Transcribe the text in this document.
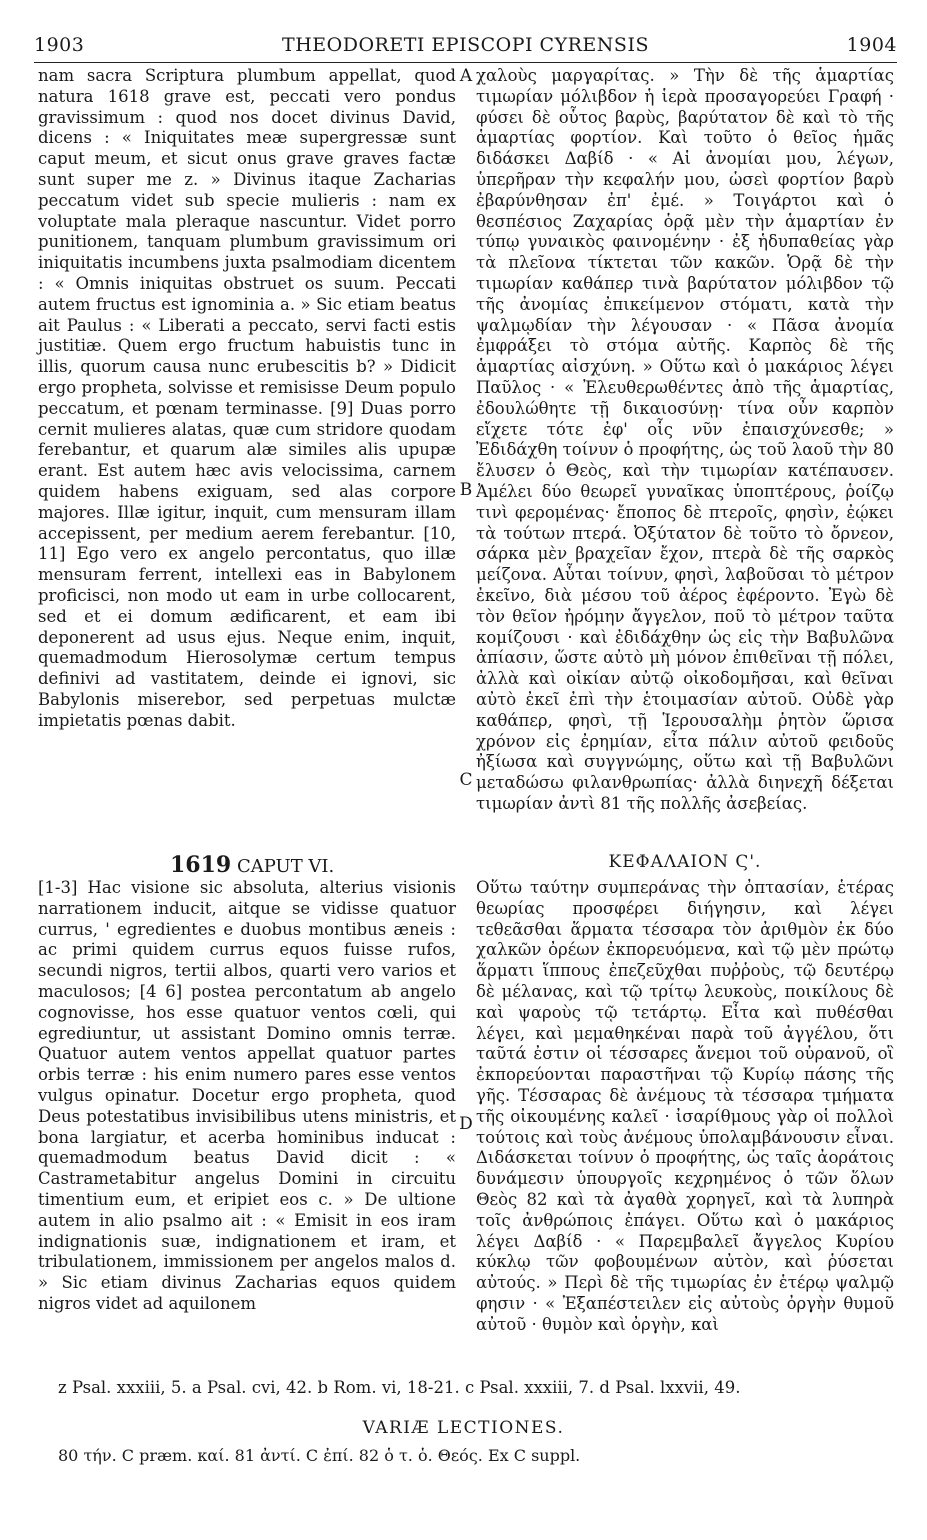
1903	THEODORETI EPISCOPI CYRENSIS	1904

nam sacra Scriptura plumbum appellat, quod natura 1618 grave est, peccati vero pondus gravissimum : quod nos docet divinus David, dicens : « Iniquitates meæ supergressæ sunt caput meum, et sicut onus grave graves factæ sunt super me z. » Divinus itaque Zacharias peccatum videt sub specie mulieris : nam ex voluptate mala pleraque nascuntur. Videt porro punitionem, tanquam plumbum gravissimum ori iniquitatis incumbens juxta psalmodiam dicentem : « Omnis iniquitas obstruet os suum. Peccati autem fructus est ignominia a. » Sic etiam beatus ait Paulus : « Liberati a peccato, servi facti estis justitiæ. Quem ergo fructum habuistis tunc in illis, quorum causa nunc erubescitis b? » Didicit ergo propheta, solvisse et remisisse Deum populo peccatum, et pœnam terminasse. [9] Duas porro cernit mulieres alatas, quæ cum stridore quodam ferebantur, et quarum alæ similes alis upupæ erant. Est autem hæc avis velocissima, carnem quidem habens exiguam, sed alas corpore majores. Illæ igitur, inquit, cum mensuram illam accepissent, per medium aerem ferebantur. [10, 11] Ego vero ex angelo percontatus, quo illæ mensuram ferrent, intellexi eas in Babylonem proficisci, non modo ut eam in urbe collocarent, sed et ei domum ædificarent, et eam ibi deponerent ad usus ejus. Neque enim, inquit, quemadmodum Hierosolymæ certum tempus definivi ad vastitatem, deinde ei ignovi, sic Babylonis miserebor, sed perpetuas mulctæ impietatis pœnas dabit.

χαλοὺς μαργαρίτας. » Τὴν δὲ τῆς ἁμαρτίας τιμωρίαν μόλιβδον ἡ ἱερὰ προσαγορεύει Γραφή · φύσει δὲ οὗτος βαρὺς, βαρύτατον δὲ καὶ τὸ τῆς ἁμαρτίας φορτίον. Καὶ τοῦτο ὁ θεῖος ἡμᾶς διδάσκει Δαβίδ · « Αἱ ἀνομίαι μου, λέγων, ὑπερῆραν τὴν κεφαλήν μου, ὡσεὶ φορτίον βαρὺ ἐβαρύνθησαν ἐπ' ἐμέ. » Τοιγάρτοι καὶ ὁ θεσπέσιος Ζαχαρίας ὁρᾷ μὲν τὴν ἁμαρτίαν ἐν τύπῳ γυναικὸς φαινομένην · ἐξ ἡδυπαθείας γὰρ τὰ πλεῖονα τίκτεται τῶν κακῶν. Ὁρᾷ δὲ τὴν τιμωρίαν καθάπερ τινὰ βαρύτατον μόλιβδον τῷ τῆς ἀνομίας ἐπικείμενον στόματι, κατὰ τὴν ψαλμῳδίαν τὴν λέγουσαν · « Πᾶσα ἀνομία ἐμφράξει τὸ στόμα αὐτῆς. Καρπὸς δὲ τῆς ἁμαρτίας αἰσχύνη. » Οὕτω καὶ ὁ μακάριος λέγει Παῦλος · « Ἐλευθερωθέντες ἀπὸ τῆς ἁμαρτίας, ἐδουλώθητε τῇ δικαιοσύνῃ· τίνα οὖν καρπὸν εἴχετε τότε ἐφ' οἷς νῦν ἐπαισχύνεσθε; » Ἐδιδάχθη τοίνυν ὁ προφήτης, ὡς τοῦ λαοῦ τὴν 80 ἔλυσεν ὁ Θεὸς, καὶ τὴν τιμωρίαν κατέπαυσεν. Ἀμέλει δύο θεωρεῖ γυναῖκας ὑποπτέρους, ῥοίζῳ τινὶ φερομένας· ἔποπος δὲ πτεροῖς, φησὶν, ἐῴκει τὰ τούτων πτερά. Ὀξύτατον δὲ τοῦτο τὸ ὄρνεον, σάρκα μὲν βραχεῖαν ἔχον, πτερὰ δὲ τῆς σαρκὸς μείζονα. Αὗται τοίνυν, φησὶ, λαβοῦσαι τὸ μέτρον ἐκεῖνο, διὰ μέσου τοῦ ἀέρος ἐφέροντο. Ἐγὼ δὲ τὸν θεῖον ἠρόμην ἄγγελον, ποῦ τὸ μέτρον ταῦτα κομίζουσι · καὶ ἐδιδάχθην ὡς εἰς τὴν Βαβυλῶνα ἀπίασιν, ὥστε αὐτὸ μὴ μόνον ἐπιθεῖναι τῇ πόλει, ἀλλὰ καὶ οἰκίαν αὐτῷ οἰκοδομῆσαι, καὶ θεῖναι αὐτὸ ἐκεῖ ἐπὶ τὴν ἑτοιμασίαν αὐτοῦ. Οὐδὲ γὰρ καθάπερ, φησὶ, τῇ Ἱερουσαλὴμ ῥητὸν ὥρισα χρόνον εἰς ἐρημίαν, εἶτα πάλιν αὐτοῦ φειδοῦς ἠξίωσα καὶ συγγνώμης, οὕτω καὶ τῇ Βαβυλῶνι μεταδώσω φιλανθρωπίας· ἀλλὰ διηνεχῆ δέξεται τιμωρίαν ἀντὶ 81 τῆς πολλῆς ἀσεβείας.

A
B
C
D
1619 CAPUT VI.	ΚΕΦΑΛΑΙΟΝ Ϛ'.

[1-3] Hac visione sic absoluta, alterius visionis narrationem inducit, aitque se vidisse quatuor currus, ' egredientes e duobus montibus æneis : ac primi quidem currus equos fuisse rufos, secundi nigros, tertii albos, quarti vero varios et maculosos; [4 6] postea percontatum ab angelo cognovisse, hos esse quatuor ventos cœli, qui egrediuntur, ut assistant Domino omnis terræ. Quatuor autem ventos appellat quatuor partes orbis terræ : his enim numero pares esse ventos vulgus opinatur. Docetur ergo propheta, quod Deus potestatibus invisibilibus utens ministris, et bona largiatur, et acerba hominibus inducat : quemadmodum beatus David dicit : « Castrametabitur angelus Domini in circuitu timentium eum, et eripiet eos c. » De ultione autem in alio psalmo ait : « Emisit in eos iram indignationis suæ, indignationem et iram, et tribulationem, immissionem per angelos malos d. » Sic etiam divinus Zacharias equos quidem nigros videt ad aquilonem

Οὕτω ταύτην συμπεράνας τὴν ὀπτασίαν, ἑτέρας θεωρίας προσφέρει διήγησιν, καὶ λέγει τεθεᾶσθαι ἅρματα τέσσαρα τὸν ἀριθμὸν ἐκ δύο χαλκῶν ὀρέων ἐκπορευόμενα, καὶ τῷ μὲν πρώτῳ ἅρματι ἵππους ἐπεζεῦχθαι πυῤῥοὺς, τῷ δευτέρῳ δὲ μέλανας, καὶ τῷ τρίτῳ λευκοὺς, ποικίλους δὲ καὶ ψαροὺς τῷ τετάρτῳ. Εἶτα καὶ πυθέσθαι λέγει, καὶ μεμαθηκέναι παρὰ τοῦ ἀγγέλου, ὅτι ταῦτά ἐστιν οἱ τέσσαρες ἄνεμοι τοῦ οὐρανοῦ, οἳ ἐκπορεύονται παραστῆναι τῷ Κυρίῳ πάσης τῆς γῆς. Τέσσαρας δὲ ἀνέμους τὰ τέσσαρα τμήματα τῆς οἰκουμένης καλεῖ · ἰσαρίθμους γὰρ οἱ πολλοὶ τούτοις καὶ τοὺς ἀνέμους ὑπολαμβάνουσιν εἶναι. Διδάσκεται τοίνυν ὁ προφήτης, ὡς ταῖς ἀοράτοις δυνάμεσιν ὑπουργοῖς κεχρημένος ὁ τῶν ὅλων Θεὸς 82 καὶ τὰ ἀγαθὰ χορηγεῖ, καὶ τὰ λυπηρὰ τοῖς ἀνθρώποις ἐπάγει. Οὕτω καὶ ὁ μακάριος λέγει Δαβίδ · « Παρεμβαλεῖ ἄγγελος Κυρίου κύκλῳ τῶν φοβουμένων αὐτὸν, καὶ ῥύσεται αὐτούς. » Περὶ δὲ τῆς τιμωρίας ἐν ἑτέρῳ ψαλμῷ φησιν · « Ἐξαπέστειλεν εἰς αὐτοὺς ὀργὴν θυμοῦ αὐτοῦ · θυμὸν καὶ ὀργὴν, καὶ

z Psal. xxxiii, 5. a Psal. cvi, 42. b Rom. vi, 18-21. c Psal. xxxiii, 7. d Psal. lxxvii, 49.
VARIÆ LECTIONES.
80 τήν. C præm. καί. 81 ἀντί. C ἐπί. 82 ὁ τ. ὁ. Θεός. Ex C suppl.
